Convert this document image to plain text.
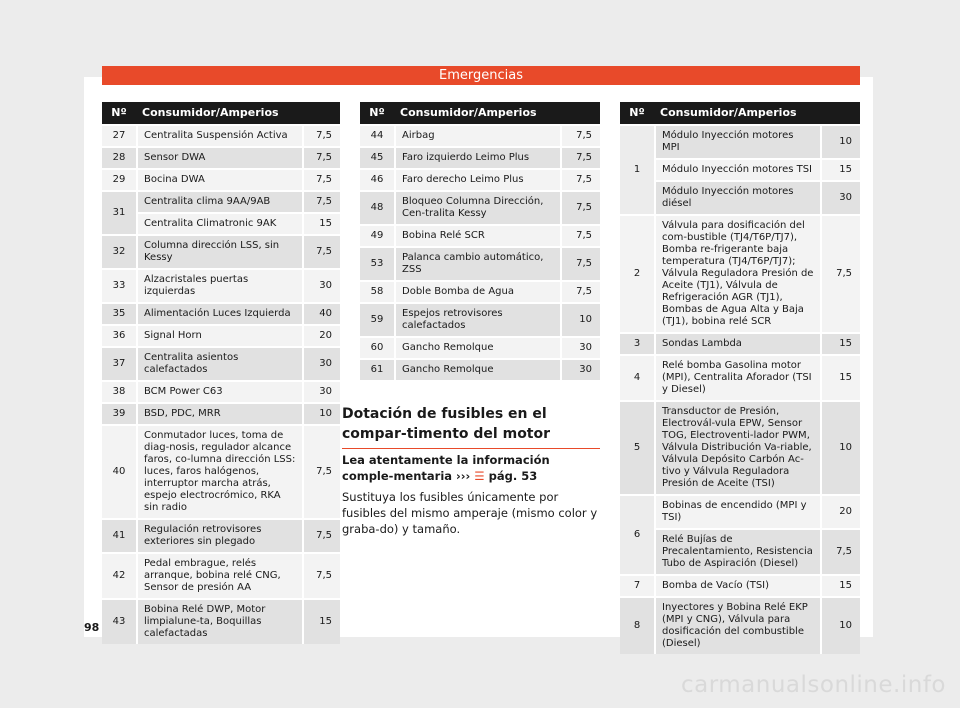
Emergencias
Nº	Consumidor/Amperios	
27	Centralita Suspensión Activa	7,5
28	Sensor DWA	7,5
29	Bocina DWA	7,5
31	Centralita clima 9AA/9AB	7,5
	Centralita Climatronic 9AK	15
32	Columna dirección LSS, sin Kessy	7,5
33	Alzacristales puertas izquierdas	30
35	Alimentación Luces Izquierda	40
36	Signal Horn	20
37	Centralita asientos calefactados	30
38	BCM Power C63	30
39	BSD, PDC, MRR	10
40	Conmutador luces, toma de diag-nosis, regulador alcance faros, co-lumna dirección LSS: luces, faros halógenos, interruptor marcha atrás, espejo electrocrómico, RKA sin radio	7,5
41	Regulación retrovisores exteriores sin plegado	7,5
42	Pedal embrague, relés arranque, bobina relé CNG, Sensor de presión AA	7,5
43	Bobina Relé DWP, Motor limpialune-ta, Boquillas calefactadas	15
Nº	Consumidor/Amperios	
44	Airbag	7,5
45	Faro izquierdo Leimo Plus	7,5
46	Faro derecho Leimo Plus	7,5
48	Bloqueo Columna Dirección, Cen-tralita Kessy	7,5
49	Bobina Relé SCR	7,5
53	Palanca cambio automático, ZSS	7,5
58	Doble Bomba de Agua	7,5
59	Espejos retrovisores calefactados	10
60	Gancho Remolque	30
61	Gancho Remolque	30
Nº	Consumidor/Amperios	
1	Módulo Inyección motores MPI	10
	Módulo Inyección motores TSI	15
	Módulo Inyección motores diésel	30
2	Válvula para dosificación del com-bustible (TJ4/T6P/TJ7), Bomba re-frigerante baja temperatura (TJ4/T6P/TJ7); Válvula Reguladora Presión de Aceite (TJ1), Válvula de Refrigeración AGR (TJ1), Bombas de Agua Alta y Baja (TJ1), bobina relé SCR	7,5
3	Sondas Lambda	15
4	Relé bomba Gasolina motor (MPI), Centralita Aforador (TSI y Diesel)	15
5	Transductor de Presión, Electrovál-vula EPW, Sensor TOG, Electroventi-lador PWM, Válvula Distribución Va-riable, Válvula Depósito Carbón Ac-tivo y Válvula Reguladora Presión de Aceite (TSI)	10
6	Bobinas de encendido (MPI y TSI)	20
	Relé Bujías de Precalentamiento, Resistencia Tubo de Aspiración (Diesel)	7,5
7	Bomba de Vacío (TSI)	15
8	Inyectores y Bobina Relé EKP (MPI y CNG), Válvula para dosificación del combustible (Diesel)	10
Dotación de fusibles en el compar-timento del motor
Lea atentamente la información comple-mentaria ››› ☰ pág. 53
Sustituya los fusibles únicamente por fusibles del mismo amperaje (mismo color y graba-do) y tamaño.
98
carmanualsonline.info
